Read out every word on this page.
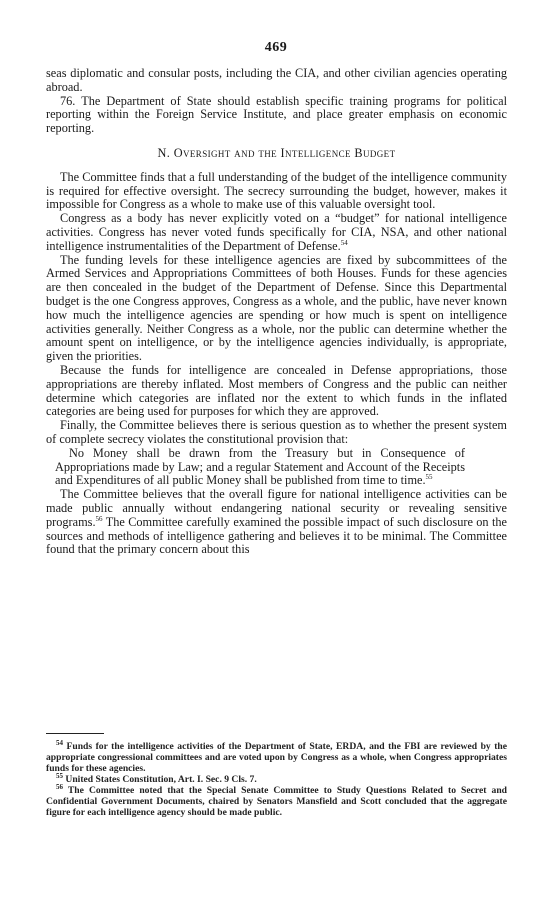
469

seas diplomatic and consular posts, including the CIA, and other civilian agencies operating abroad.

76. The Department of State should establish specific training programs for political reporting within the Foreign Service Institute, and place greater emphasis on economic reporting.

N. Oversight and the Intelligence Budget

The Committee finds that a full understanding of the budget of the intelligence community is required for effective oversight. The secrecy surrounding the budget, however, makes it impossible for Congress as a whole to make use of this valuable oversight tool.

Congress as a body has never explicitly voted on a “budget” for national intelligence activities. Congress has never voted funds specifically for CIA, NSA, and other national intelligence instrumentalities of the Department of Defense.$^{54}$

The funding levels for these intelligence agencies are fixed by subcommittees of the Armed Services and Appropriations Committees of both Houses. Funds for these agencies are then concealed in the budget of the Department of Defense. Since this Departmental budget is the one Congress approves, Congress as a whole, and the public, have never known how much the intelligence agencies are spending or how much is spent on intelligence activities generally. Neither Congress as a whole, nor the public can determine whether the amount spent on intelligence, or by the intelligence agencies individually, is appropriate, given the priorities.

Because the funds for intelligence are concealed in Defense appropriations, those appropriations are thereby inflated. Most members of Congress and the public can neither determine which categories are inflated nor the extent to which funds in the inflated categories are being used for purposes for which they are approved.

Finally, the Committee believes there is serious question as to whether the present system of complete secrecy violates the constitutional provision that:

No Money shall be drawn from the Treasury but in Consequence of Appropriations made by Law; and a regular Statement and Account of the Receipts and Expenditures of all public Money shall be published from time to time.$^{55}$

The Committee believes that the overall figure for national intelligence activities can be made public annually without endangering national security or revealing sensitive programs.$^{56}$ The Committee carefully examined the possible impact of such disclosure on the sources and methods of intelligence gathering and believes it to be minimal. The Committee found that the primary concern about this

$^{54}$ Funds for the intelligence activities of the Department of State, ERDA, and the FBI are reviewed by the appropriate congressional committees and are voted upon by Congress as a whole, when Congress appropriates funds for these agencies.

$^{55}$ United States Constitution, Art. I. Sec. 9 Cls. 7.

$^{56}$ The Committee noted that the Special Senate Committee to Study Questions Related to Secret and Confidential Government Documents, chaired by Senators Mansfield and Scott concluded that the aggregate figure for each intelligence agency should be made public.
